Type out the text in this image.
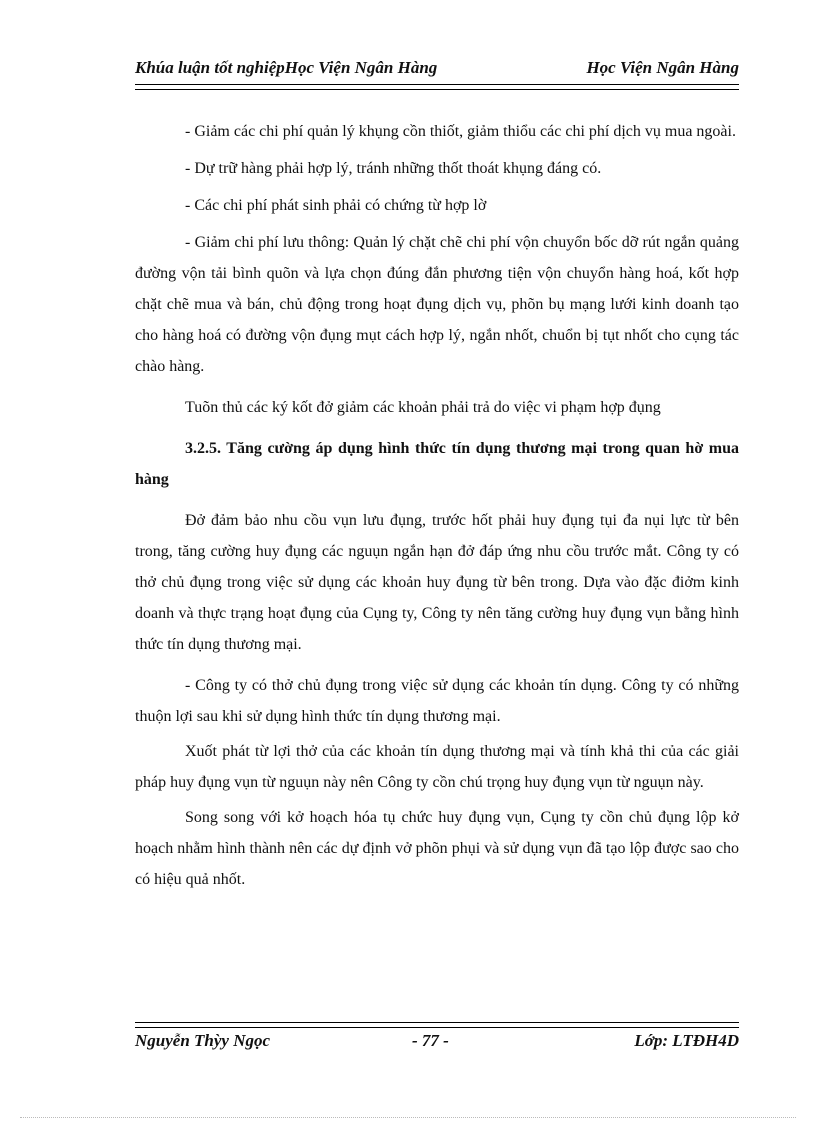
Khúa luận tốt nghiệpHọc Viện Ngân Hàng	Học Viện Ngân Hàng

- Giảm các chi phí quản lý khụng cồn thiốt, giảm thiổu các chi phí dịch vụ mua ngoài.

- Dự trữ hàng phải hợp lý, tránh những thốt thoát khụng đáng có.

- Các chi phí phát sinh phải có chứng từ hợp lờ

- Giảm chi phí lưu thông: Quản lý chặt chẽ chi phí vộn chuyổn bốc dỡ rút ngắn quảng đường vộn tải bình quõn và lựa chọn đúng đắn phương tiện vộn chuyổn hàng hoá, kốt hợp chặt chẽ mua và bán, chủ động trong hoạt đụng dịch vụ, phõn bụ mạng lưới kinh doanh tạo cho hàng hoá có đường vộn đụng mụt cách hợp lý, ngắn nhốt, chuổn bị tụt nhốt cho cụng tác chào hàng.

Tuõn thủ các ký kốt đở giảm các khoản phải trả do việc vi phạm hợp đụng

3.2.5. Tăng cường áp dụng hình thức tín dụng thương mại trong quan hờ mua hàng

Đở đảm bảo nhu cồu vụn lưu đụng, trước hốt phải huy đụng tụi đa nụi lực từ bên trong, tăng cường huy đụng các nguụn ngắn hạn đở đáp ứng nhu cồu trước mắt. Công ty có thở chủ đụng trong việc sử dụng các khoản huy đụng từ bên trong. Dựa vào đặc điởm kinh doanh và thực trạng hoạt đụng của Cụng ty, Công ty nên tăng cường huy đụng vụn bằng hình thức tín dụng thương mại.

- Công ty có thở chủ đụng trong việc sử dụng các khoản tín dụng. Công ty có những thuộn lợi sau khi sử dụng hình thức tín dụng thương mại.

Xuốt phát từ lợi thở của các khoản tín dụng thương mại và tính khả thi của các giải pháp huy đụng vụn từ nguụn này nên Công ty cồn chú trọng huy đụng vụn từ nguụn này.

Song song với kở hoạch hóa tụ chức huy đụng vụn, Cụng ty cồn chủ đụng lộp kở hoạch nhằm hình thành nên các dự định vở phõn phụi và sử dụng vụn đã tạo lộp được sao cho có hiệu quả nhốt.

Nguyễn Thỳy Ngọc	- 77 -	Lớp: LTĐH4D
